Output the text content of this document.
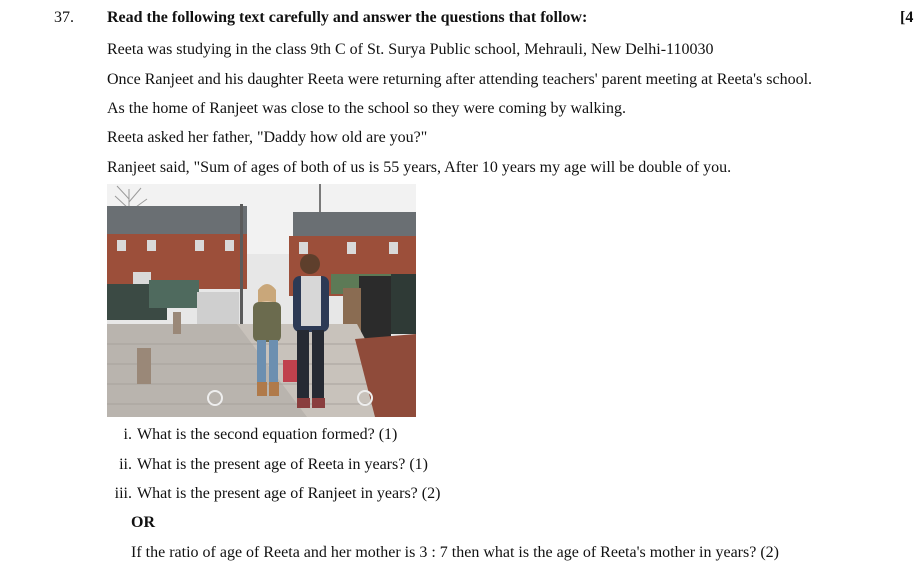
37. Read the following text carefully and answer the questions that follow:	[4
Reeta was studying in the class 9th C of St. Surya Public school, Mehrauli, New Delhi-110030
Once Ranjeet and his daughter Reeta were returning after attending teachers' parent meeting at Reeta's school.
As the home of Ranjeet was close to the school so they were coming by walking.
Reeta asked her father, "Daddy how old are you?"
Ranjeet said, "Sum of ages of both of us is 55 years, After 10 years my age will be double of you.
i. What is the second equation formed? (1)
ii. What is the present age of Reeta in years? (1)
iii. What is the present age of Ranjeet in years? (2)
OR
If the ratio of age of Reeta and her mother is 3 : 7 then what is the age of Reeta's mother in years? (2)
